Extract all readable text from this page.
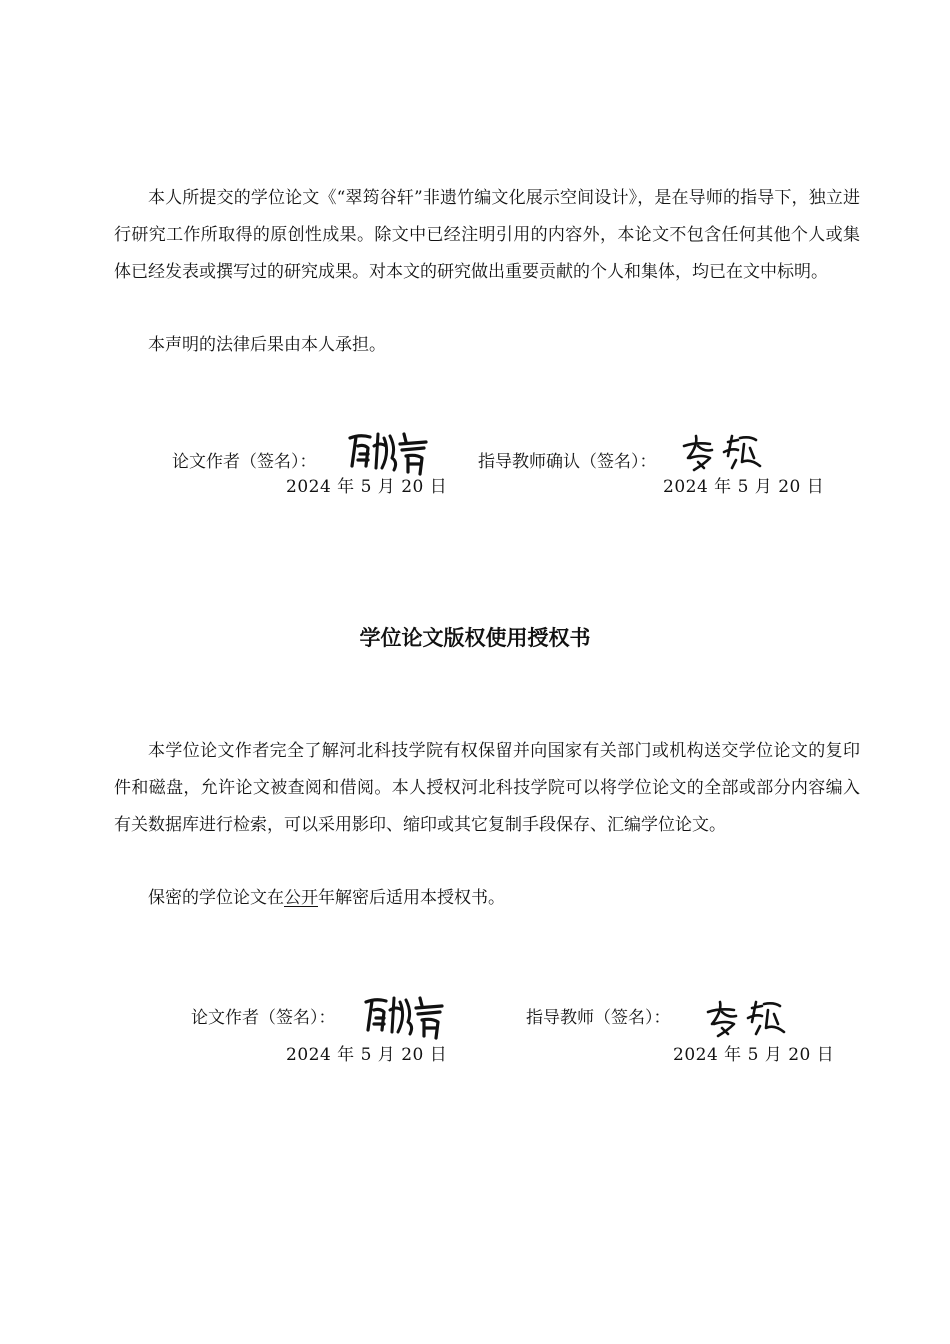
本人所提交的学位论文《“翠筠谷轩”非遗竹编文化展示空间设计》，是在导师的指导下，独立进行研究工作所取得的原创性成果。除文中已经注明引用的内容外，本论文不包含任何其他个人或集体已经发表或撰写过的研究成果。对本文的研究做出重要贡献的个人和集体，均已在文中标明。

本声明的法律后果由本人承担。

论文作者（签名）：	指导教师确认（签名）：
2024 年 5 月 20 日	2024 年 5 月 20 日
学位论文版权使用授权书

本学位论文作者完全了解河北科技学院有权保留并向国家有关部门或机构送交学位论文的复印件和磁盘，允许论文被查阅和借阅。本人授权河北科技学院可以将学位论文的全部或部分内容编入有关数据库进行检索，可以采用影印、缩印或其它复制手段保存、汇编学位论文。

保密的学位论文在公开年解密后适用本授权书。

论文作者（签名）：	指导教师（签名）：
2024 年 5 月 20 日	2024 年 5 月 20 日
